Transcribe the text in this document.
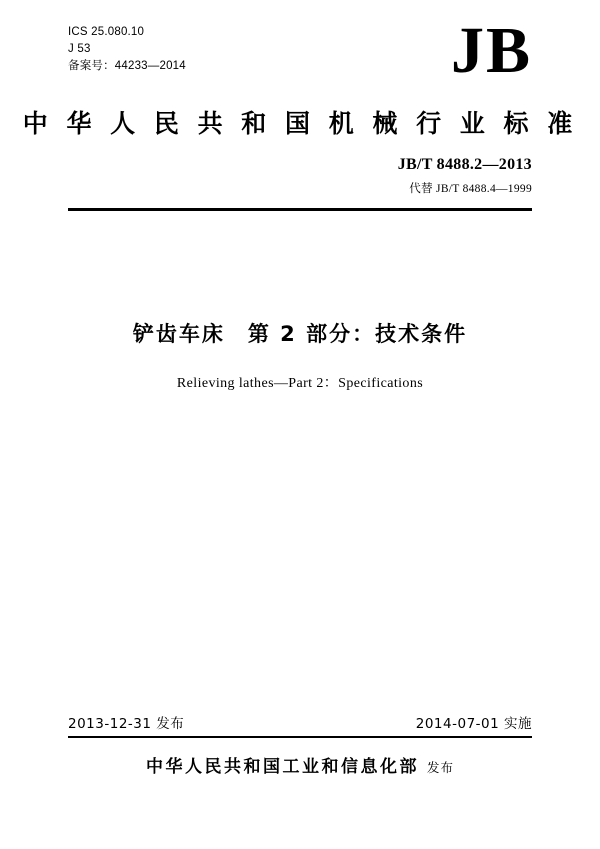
ICS 25.080.10
J 53
备案号：44233—2014	JB
中 华 人 民 共 和 国 机 械 行 业 标 准
JB/T 8488.2—2013
代替 JB/T 8488.4—1999
铲齿车床　第 2 部分：技术条件
Relieving lathes—Part 2：Specifications
2013-12-31 发布	2014-07-01 实施
中华人民共和国工业和信息化部 发布
